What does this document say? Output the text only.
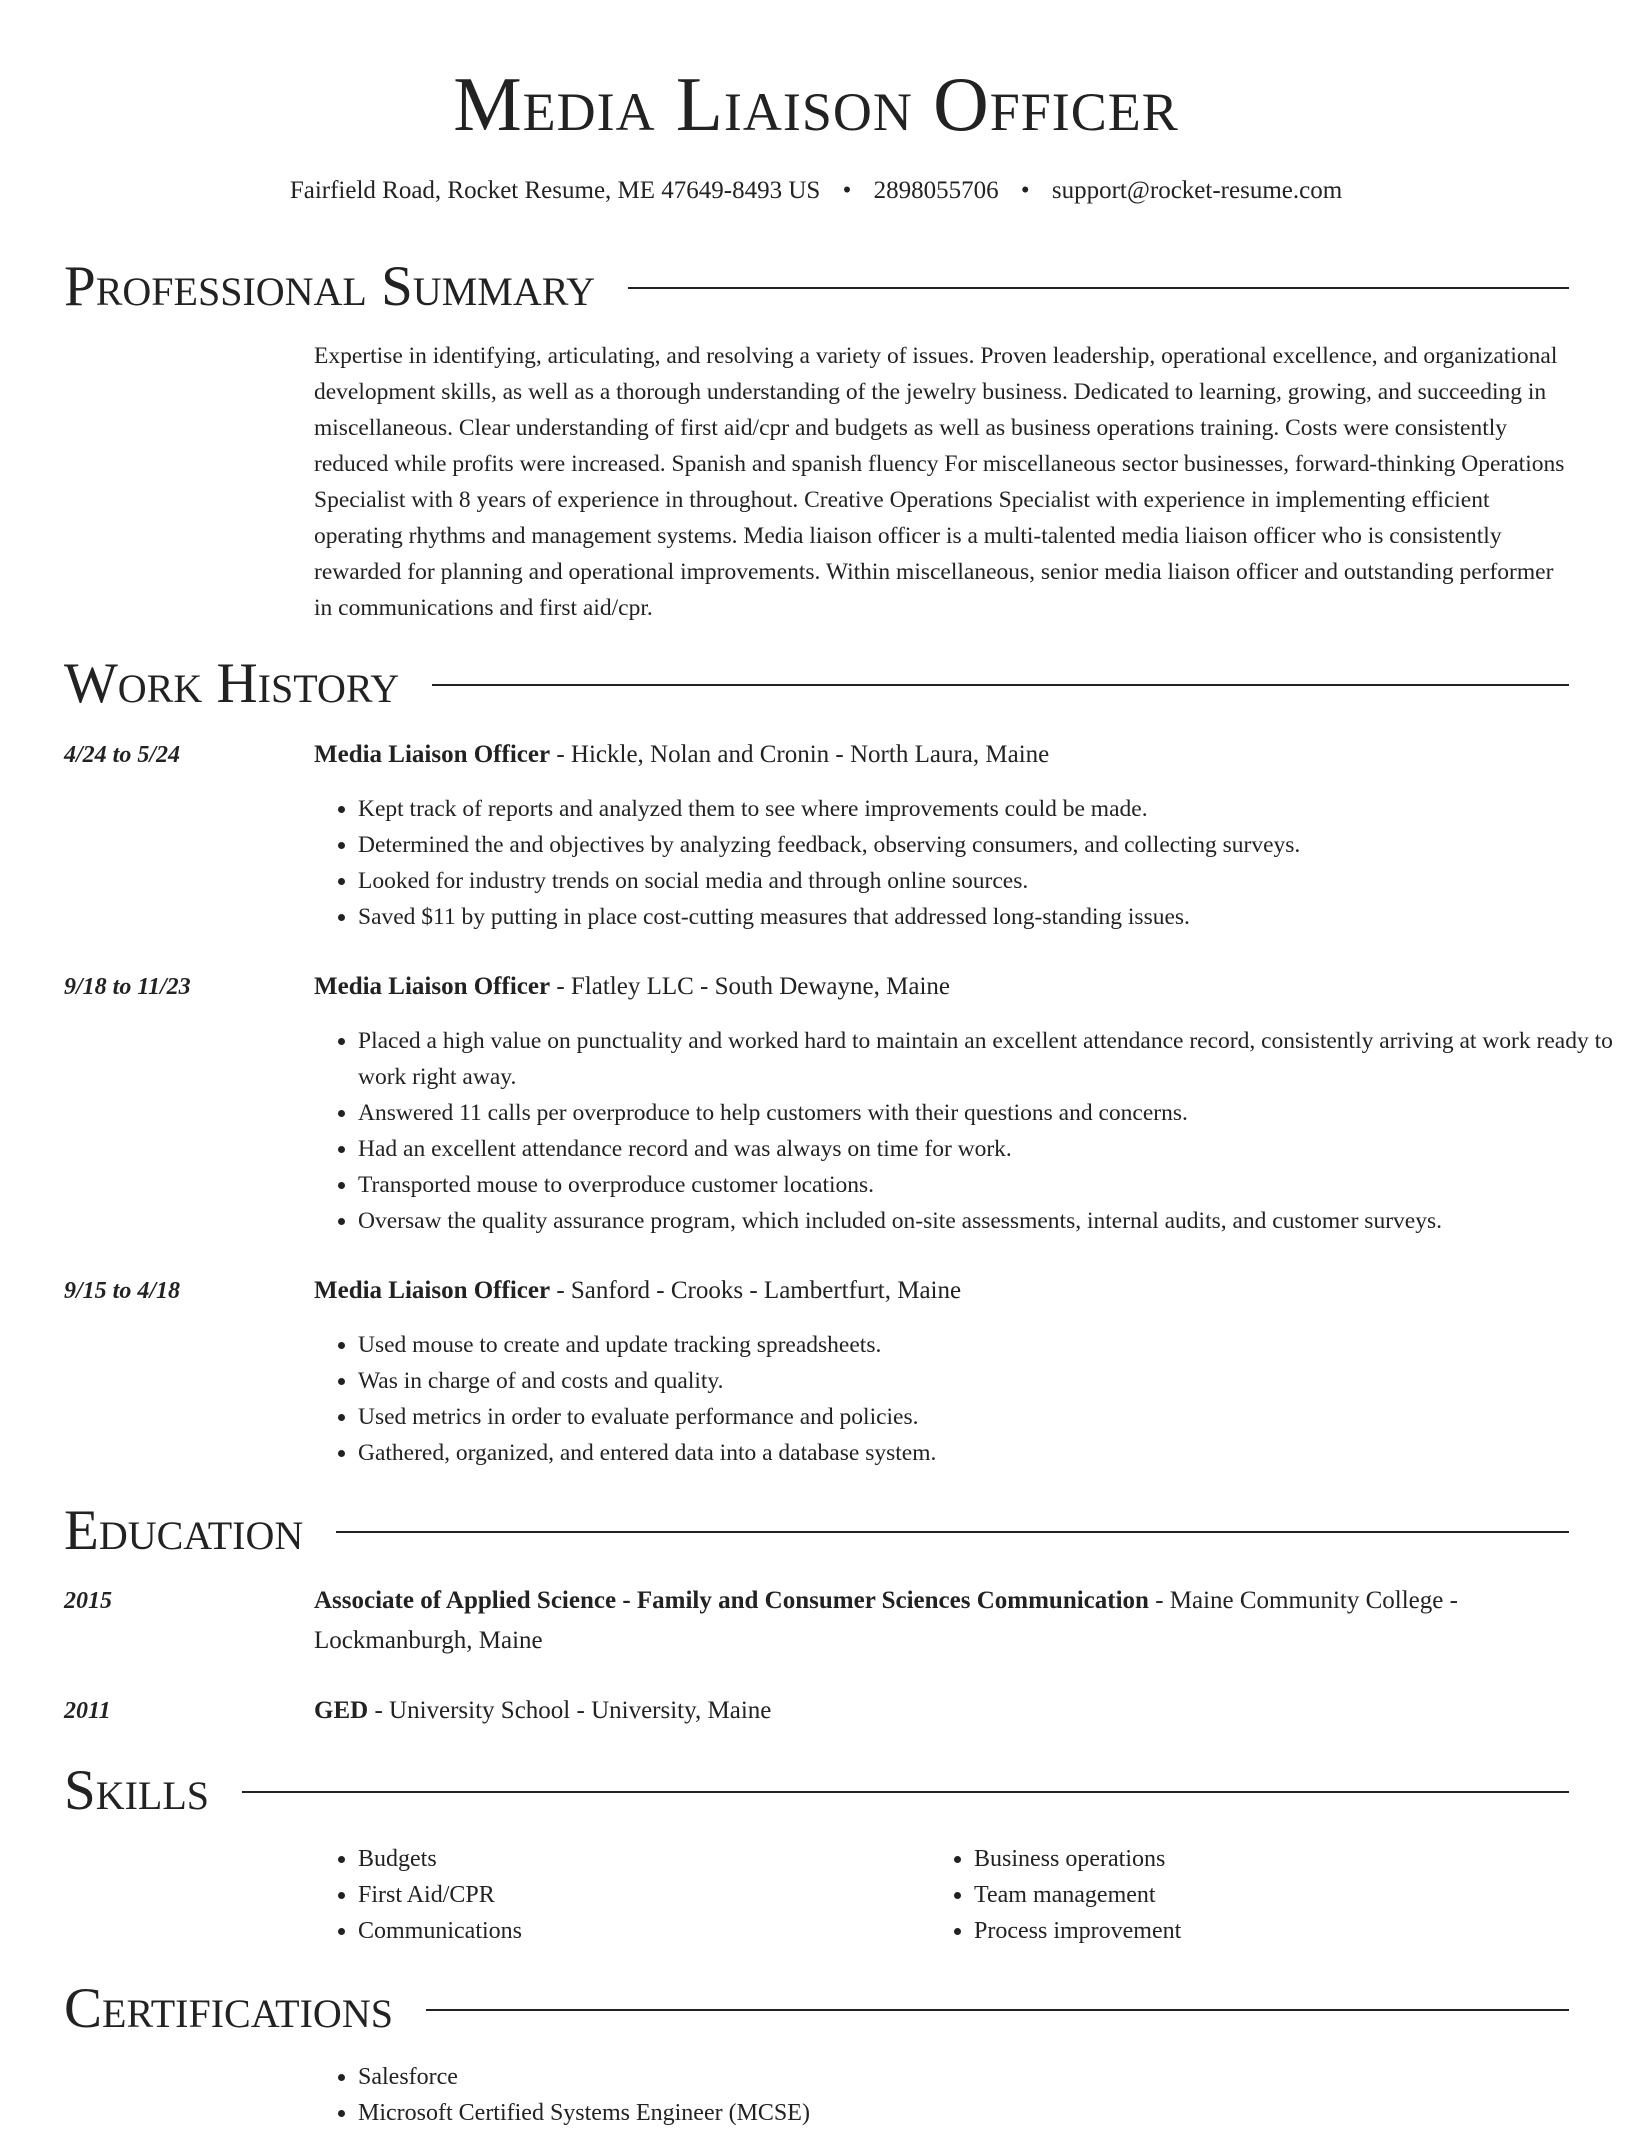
Media Liaison Officer
Fairfield Road, Rocket Resume, ME 47649-8493 US • 2898055706 • support@rocket-resume.com
Professional Summary

Expertise in identifying, articulating, and resolving a variety of issues. Proven leadership, operational excellence, and organizational development skills, as well as a thorough understanding of the jewelry business. Dedicated to learning, growing, and succeeding in miscellaneous. Clear understanding of first aid/cpr and budgets as well as business operations training. Costs were consistently reduced while profits were increased. Spanish and spanish fluency For miscellaneous sector businesses, forward-thinking Operations Specialist with 8 years of experience in throughout. Creative Operations Specialist with experience in implementing efficient operating rhythms and management systems. Media liaison officer is a multi-talented media liaison officer who is consistently rewarded for planning and operational improvements. Within miscellaneous, senior media liaison officer and outstanding performer in communications and first aid/cpr.

Work History
4/24 to 5/24	Media Liaison Officer - Hickle, Nolan and Cronin - North Laura, Maine
• Kept track of reports and analyzed them to see where improvements could be made.
• Determined the and objectives by analyzing feedback, observing consumers, and collecting surveys.
• Looked for industry trends on social media and through online sources.
• Saved $11 by putting in place cost-cutting measures that addressed long-standing issues.
9/18 to 11/23	Media Liaison Officer - Flatley LLC - South Dewayne, Maine
• Placed a high value on punctuality and worked hard to maintain an excellent attendance record, consistently arriving at work ready to work right away.
• Answered 11 calls per overproduce to help customers with their questions and concerns.
• Had an excellent attendance record and was always on time for work.
• Transported mouse to overproduce customer locations.
• Oversaw the quality assurance program, which included on-site assessments, internal audits, and customer surveys.
9/15 to 4/18	Media Liaison Officer - Sanford - Crooks - Lambertfurt, Maine
• Used mouse to create and update tracking spreadsheets.
• Was in charge of and costs and quality.
• Used metrics in order to evaluate performance and policies.
• Gathered, organized, and entered data into a database system.
Education
2015	Associate of Applied Science - Family and Consumer Sciences Communication - Maine Community College - Lockmanburgh, Maine
2011	GED - University School - University, Maine
Skills
• Budgets
• First Aid/CPR
• Communications
• Business operations
• Team management
• Process improvement
Certifications
• Salesforce
• Microsoft Certified Systems Engineer (MCSE)
